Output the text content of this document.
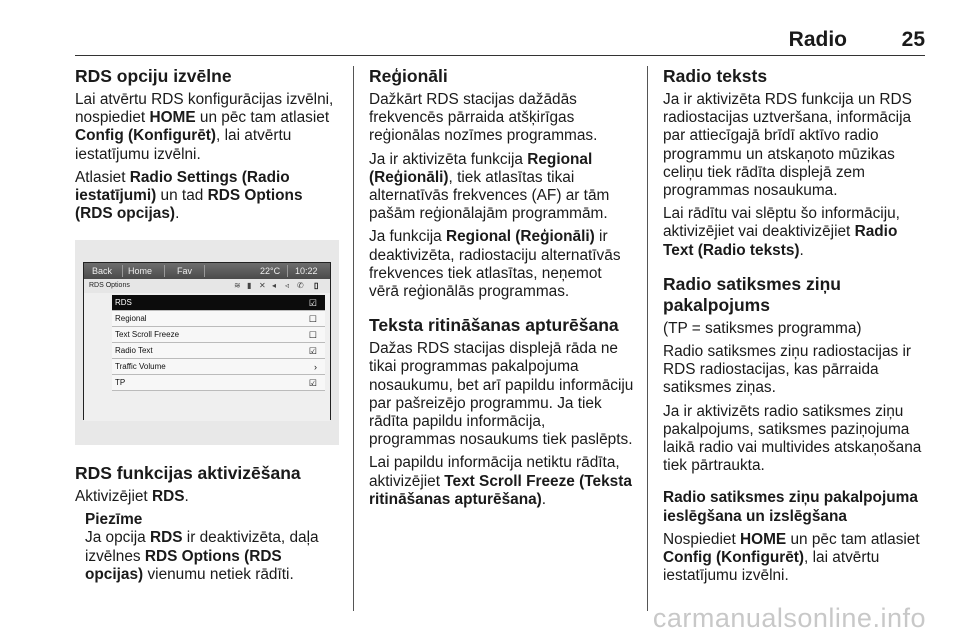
Radio	25
RDS opciju izvēlne

Lai atvērtu RDS konfigurācijas izvēlni, nospiediet HOME un pēc tam atlasiet Config (Konfigurēt), lai atvērtu iestatījumu izvēlni.

Atlasiet Radio Settings (Radio iestatījumi) un tad RDS Options (RDS opcijas).

Back Home	Fav	22°C 10:22
RDS Options	≋ ▮ ✕ ◂ ◃ ✆ ▯
RDS	☑
Regional	☐
Text Scroll Freeze	☐
Radio Text	☑
Traffic Volume	›
TP	☑
RDS funkcijas aktivizēšana

Aktivizējiet RDS.

Piezīme

Ja opcija RDS ir deaktivizēta, daļa izvēlnes RDS Options (RDS opcijas) vienumu netiek rādīti.

Reģionāli

Dažkārt RDS stacijas dažādās frekvencēs pārraida atšķirīgas reģionālas nozīmes programmas.

Ja ir aktivizēta funkcija Regional (Reģionāli), tiek atlasītas tikai alternatīvās frekvences (AF) ar tām pašām reģionālajām programmām.

Ja funkcija Regional (Reģionāli) ir deaktivizēta, radiostaciju alternatīvās frekvences tiek atlasītas, neņemot vērā reģionālās programmas.

Teksta ritināšanas apturēšana

Dažas RDS stacijas displejā rāda ne tikai programmas pakalpojuma nosaukumu, bet arī papildu informāciju par pašreizējo programmu. Ja tiek rādīta papildu informācija, programmas nosaukums tiek paslēpts.

Lai papildu informācija netiktu rādīta, aktivizējiet Text Scroll Freeze (Teksta ritināšanas apturēšana).

Radio teksts

Ja ir aktivizēta RDS funkcija un RDS radiostacijas uztveršana, informācija par attiecīgajā brīdī aktīvo radio programmu un atskaņoto mūzikas celiņu tiek rādīta displejā zem programmas nosaukuma.

Lai rādītu vai slēptu šo informāciju, aktivizējiet vai deaktivizējiet Radio Text (Radio teksts).

Radio satiksmes ziņu pakalpojums

(TP = satiksmes programma)

Radio satiksmes ziņu radiostacijas ir RDS radiostacijas, kas pārraida satiksmes ziņas.

Ja ir aktivizēts radio satiksmes ziņu pakalpojums, satiksmes paziņojuma laikā radio vai multivides atskaņošana tiek pārtraukta.

Radio satiksmes ziņu pakalpojuma ieslēgšana un izslēgšana

Nospiediet HOME un pēc tam atlasiet Config (Konfigurēt), lai atvērtu iestatījumu izvēlni.

carmanualsonline.info
